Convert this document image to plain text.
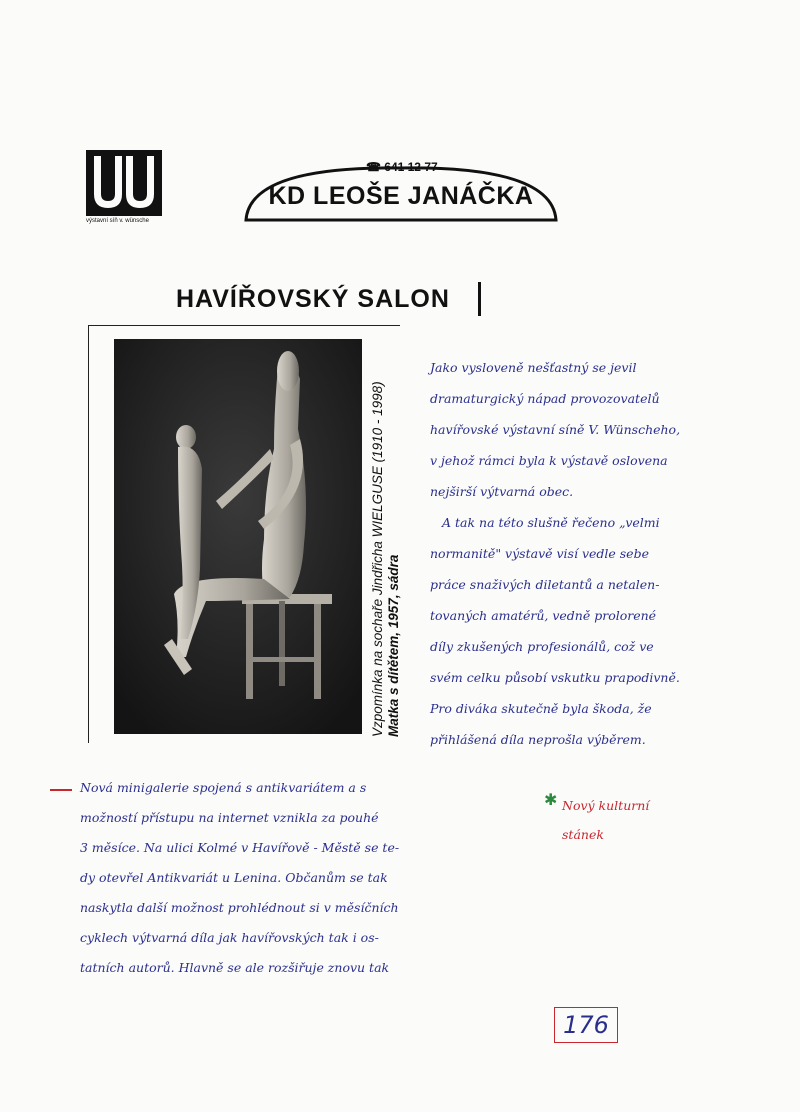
výstavní síň v. wünsche
KD LEOŠE JANÁČKA
☎ 641 12 77
HAVÍŘOVSKÝ SALON
Vzpomínka na sochaře Jindřicha WIELGUSE (1910 - 1998) Matka s dítětem, 1957, sádra
Jako vysloveně nešťastný se jevil
dramaturgický nápad provozovatelů
havířovské výstavní síně V. Wünscheho,
v jehož rámci byla k výstavě oslovena
nejširší výtvarná obec.
A tak na této slušně řečeno „velmi
normanitě" výstavě visí vedle sebe
práce snaživých diletantů a netalen-
tovaných amatérů, vedně prolorené
díly zkušených profesionálů, což ve
svém celku působí vskutku prapodivně.
Pro diváka skutečně byla škoda, že
přihlášená díla neprošla výběrem.
Nová minigalerie spojená s antikvariátem a s
možností přístupu na internet vznikla za pouhé
3 měsíce. Na ulici Kolmé v Havířově - Městě se te-
dy otevřel Antikvariát u Lenina. Občanům se tak
naskytla další možnost prohlédnout si v měsíčních
cyklech výtvarná díla jak havířovských tak i os-
tatních autorů. Hlavně se ale rozšiřuje znovu tak
✱ Nový kulturní
stánek
176
